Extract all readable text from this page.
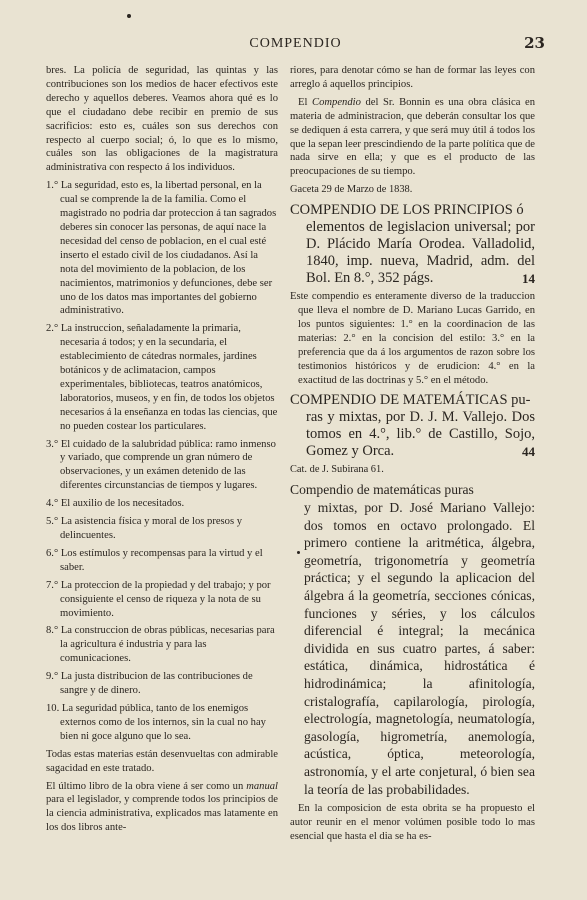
COMPENDIO	23

bres. La policía de seguridad, las quintas y las contribuciones son los medios de hacer efectivos este derecho y aquellos deberes. Veamos ahora qué es lo que el ciudadano debe recibir en premio de sus sacrificios: esto es, cuáles son sus derechos con respecto al cuerpo social; ó, lo que es lo mismo, cuáles son las obligaciones de la magistratura administrativa con respecto á los individuos.

1.° La seguridad, esto es, la libertad personal, en la cual se comprende la de la familia. Como el magistrado no podria dar proteccion á tan sagrados deberes sin conocer las personas, de aquí nace la necesidad del censo de poblacion, en el cual esté inserto el estado civil de los ciudadanos. Así la nota del movimiento de la poblacion, de los nacimientos, matrimonios y defunciones, debe ser uno de los datos mas importantes del gobierno administrativo.
2.° La instruccion, señaladamente la primaria, necesaria á todos; y en la secundaria, el establecimiento de cátedras normales, jardines botánicos y de aclimatacion, campos experimentales, bibliotecas, teatros anatómicos, laboratorios, museos, y en fin, de todos los objetos necesarios á la enseñanza en todas las ciencias, que no pueden costear los particulares.
3.° El cuidado de la salubridad pública: ramo inmenso y variado, que comprende un gran número de observaciones, y un exámen detenido de las diferentes circunstancias de tiempos y lugares.
4.° El auxilio de los necesitados.
5.° La asistencia física y moral de los presos y delincuentes.
6.° Los estímulos y recompensas para la virtud y el saber.
7.° La proteccion de la propiedad y del trabajo; y por consiguiente el censo de riqueza y la nota de su movimiento.
8.° La construccion de obras públicas, necesarias para la agricultura é industria y para las comunicaciones.
9.° La justa distribucion de las contribuciones de sangre y de dinero.
10. La seguridad pública, tanto de los enemigos externos como de los internos, sin la cual no hay bien ni goce alguno que lo sea.

Todas estas materias están desenvueltas con admirable sagacidad en este tratado.

El último libro de la obra viene á ser como un manual para el legislador, y comprende todos los principios de la ciencia administrativa, explicados mas latamente en los dos libros ante-

riores, para denotar cómo se han de formar las leyes con arreglo á aquellos principios.

El Compendio del Sr. Bonnin es una obra clásica en materia de administracion, que deberán consultar los que se dediquen á esta carrera, y que será muy útil á todos los que la sepan leer prescindiendo de la parte política que de nada sirve en ella; y que es el producto de las preocupaciones de su tiempo.

Gaceta 29 de Marzo de 1838.
COMPENDIO DE LOS PRINCIPIOS ó
elementos de legislacion universal; por D. Plácido María Orodea. Valladolid, 1840, imp. nueva, Madrid, adm. del Bol. En 8.°, 352 págs.	14

Este compendio es enteramente diverso de la traduccion que lleva el nombre de D. Mariano Lucas Garrido, en los puntos siguientes: 1.° en la coordinacion de las materias: 2.° en la concision del estilo: 3.° en la preferencia que da á los argumentos de razon sobre los testimonios históricos y de erudicion: 4.° en la exactitud de las doctrinas y 5.° en el método.

COMPENDIO DE MATEMÁTICAS pu-
ras y mixtas, por D. J. M. Vallejo. Dos tomos en 4.°, lib.° de Castillo, Sojo, Gomez y Orca.	44
Cat. de J. Subirana 61.
Compendio de matemáticas puras
y mixtas, por D. José Mariano Vallejo: dos tomos en octavo prolongado. El primero contiene la aritmética, álgebra, geometría, trigonometría y geometría práctica; y el segundo la aplicacion del álgebra á la geometría, secciones cónicas, funciones y séries, y los cálculos diferencial é integral; la mecánica dividida en sus cuatro partes, á saber: estática, dinámica, hidrostática é hidrodinámica; la afinitología, cristalografía, capilarología, pirología, electrología, magnetología, neumatología, gasología, higrometría, anemología, acústica, óptica, meteorología, astronomía, y el arte conjetural, ó bien sea la teoría de las probabilidades.

En la composicion de esta obrita se ha propuesto el autor reunir en el menor volúmen posible todo lo mas esencial que hasta el dia se ha es-
